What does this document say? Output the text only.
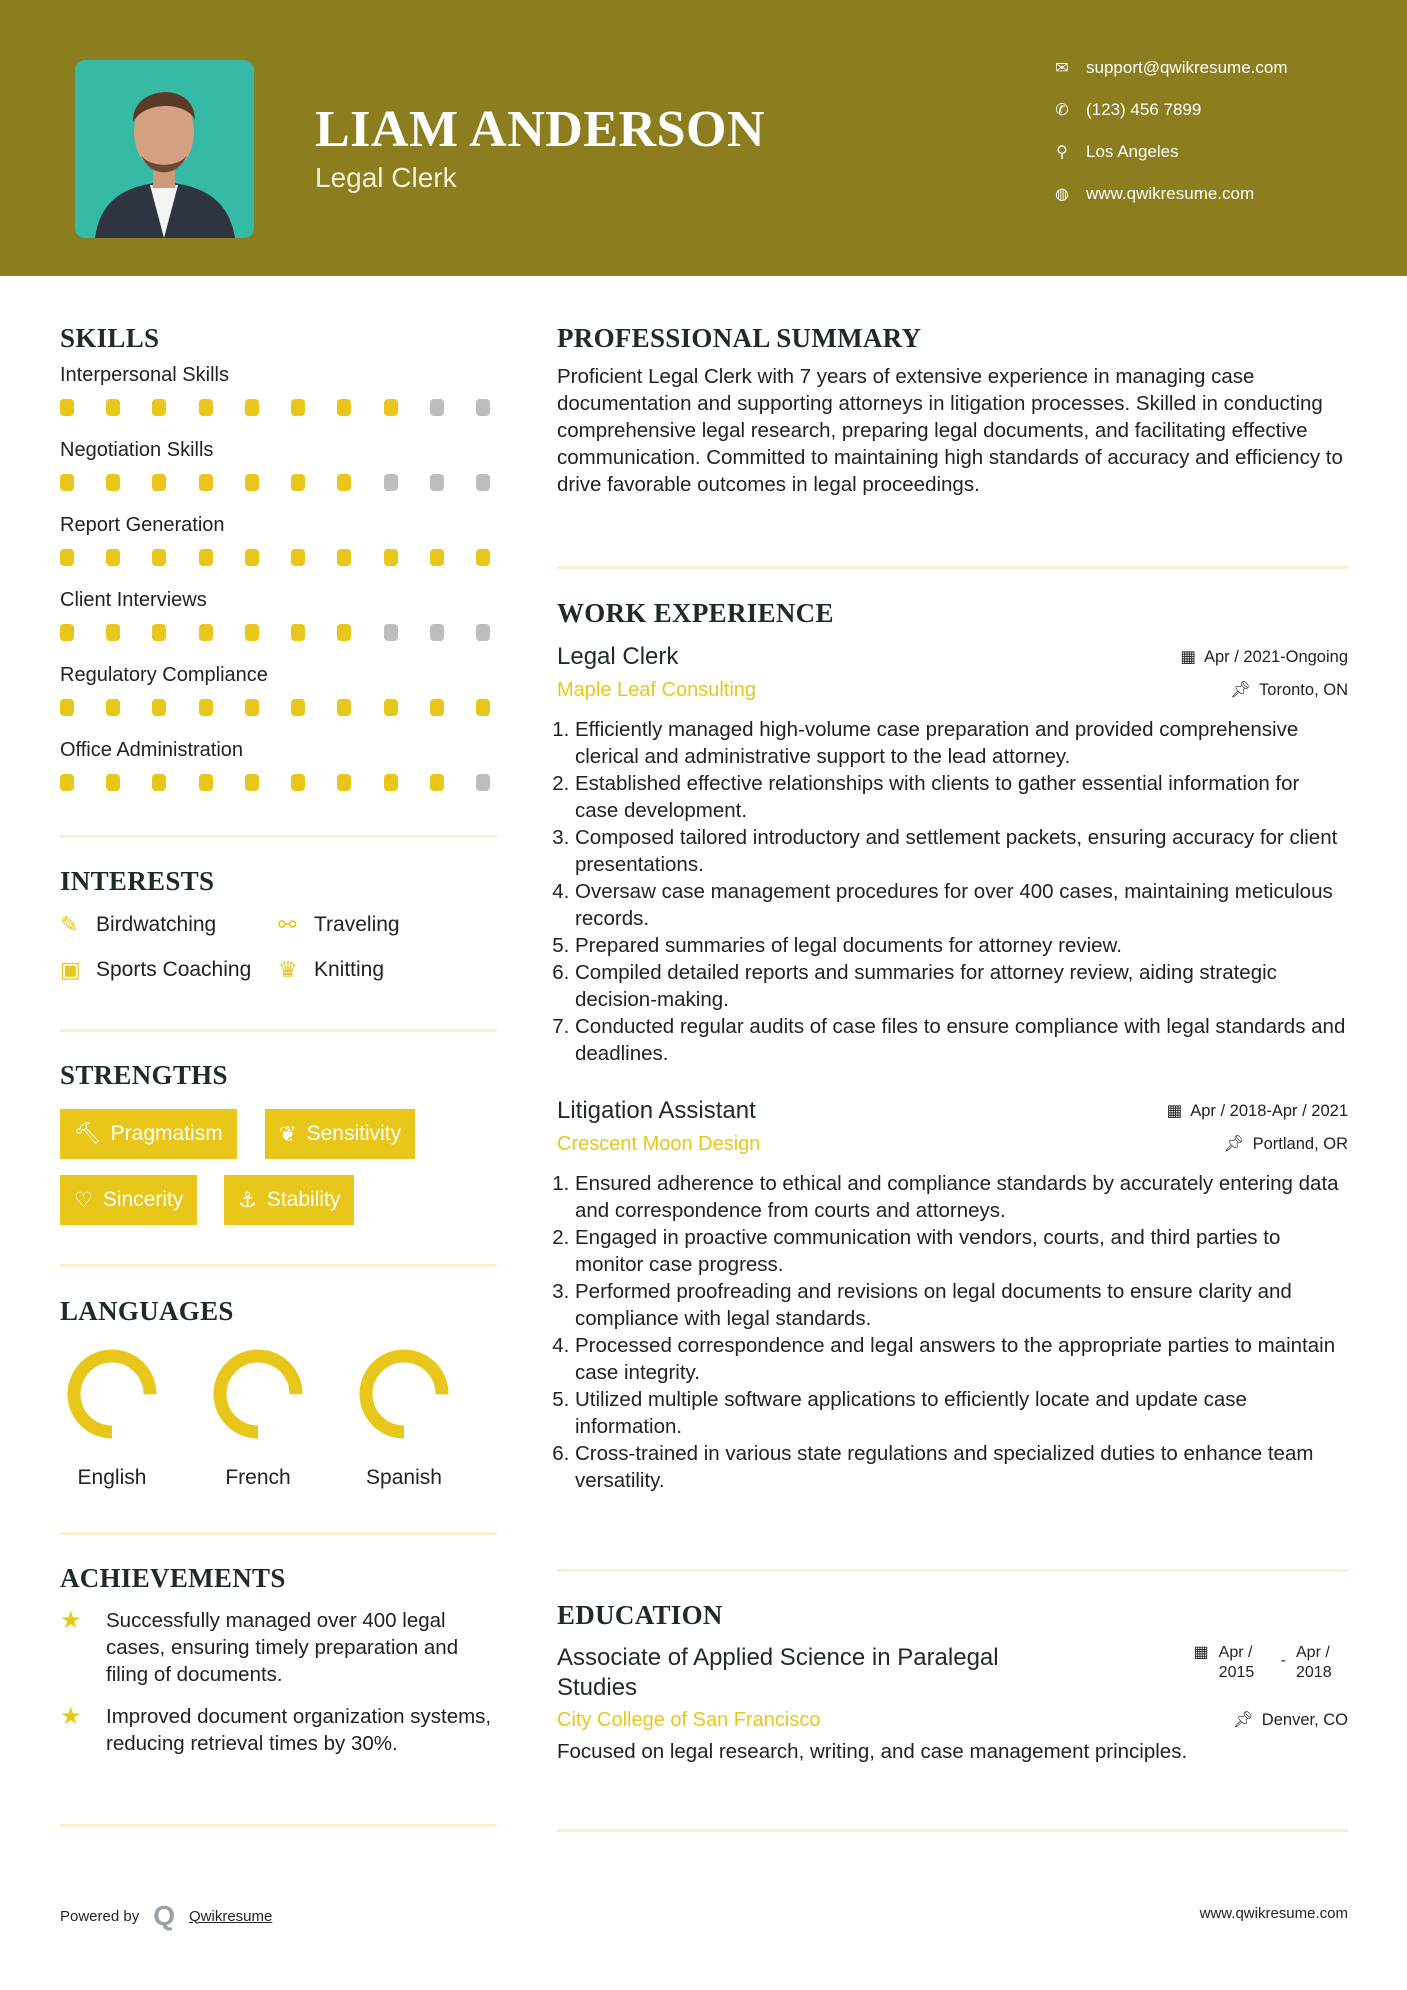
LIAM ANDERSON
Legal Clerk
✉ support@qwikresume.com
✆ (123) 456 7899
⚲ Los Angeles
◍ www.qwikresume.com
SKILLS
Interpersonal Skills
Negotiation Skills
Report Generation
Client Interviews
Regulatory Compliance
Office Administration
INTERESTS
✎ Birdwatching	⚯ Traveling
▣ Sports Coaching ♛ Knitting
STRENGTHS
🔨︎ Pragmatism	❦ Sensitivity
♡ Sincerity	⚓︎ Stability
LANGUAGES
English	French	Spanish
ACHIEVEMENTS
★	Successfully managed over 400 legal cases, ensuring timely preparation and filing of documents.
★	Improved document organization systems, reducing retrieval times by 30%.
PROFESSIONAL SUMMARY

Proficient Legal Clerk with 7 years of extensive experience in managing case documentation and supporting attorneys in litigation processes. Skilled in conducting comprehensive legal research, preparing legal documents, and facilitating effective communication. Committed to maintaining high standards of accuracy and efficiency to drive favorable outcomes in legal proceedings.

WORK EXPERIENCE
Legal Clerk	▦ Apr / 2021-Ongoing
Maple Leaf Consulting	📌︎ Toronto, ON
1. Efficiently managed high-volume case preparation and provided comprehensive clerical and administrative support to the lead attorney.
2. Established effective relationships with clients to gather essential information for case development.
3. Composed tailored introductory and settlement packets, ensuring accuracy for client presentations.
4. Oversaw case management procedures for over 400 cases, maintaining meticulous records.
5. Prepared summaries of legal documents for attorney review.
6. Compiled detailed reports and summaries for attorney review, aiding strategic decision-making.
7. Conducted regular audits of case files to ensure compliance with legal standards and deadlines.
Litigation Assistant	▦ Apr / 2018-Apr / 2021
Crescent Moon Design	📌︎ Portland, OR
1. Ensured adherence to ethical and compliance standards by accurately entering data and correspondence from courts and attorneys.
2. Engaged in proactive communication with vendors, courts, and third parties to monitor case progress.
3. Performed proofreading and revisions on legal documents to ensure clarity and compliance with legal standards.
4. Processed correspondence and legal answers to the appropriate parties to maintain case integrity.
5. Utilized multiple software applications to efficiently locate and update case information.
6. Cross-trained in various state regulations and specialized duties to enhance team versatility.
EDUCATION
Associate of Applied Science in Paralegal Studies
▦ Apr / 2015
- Apr / 2018
City College of San Francisco	📌︎ Denver, CO

Focused on legal research, writing, and case management principles.

Powered by Q Qwikresume	www.qwikresume.com
